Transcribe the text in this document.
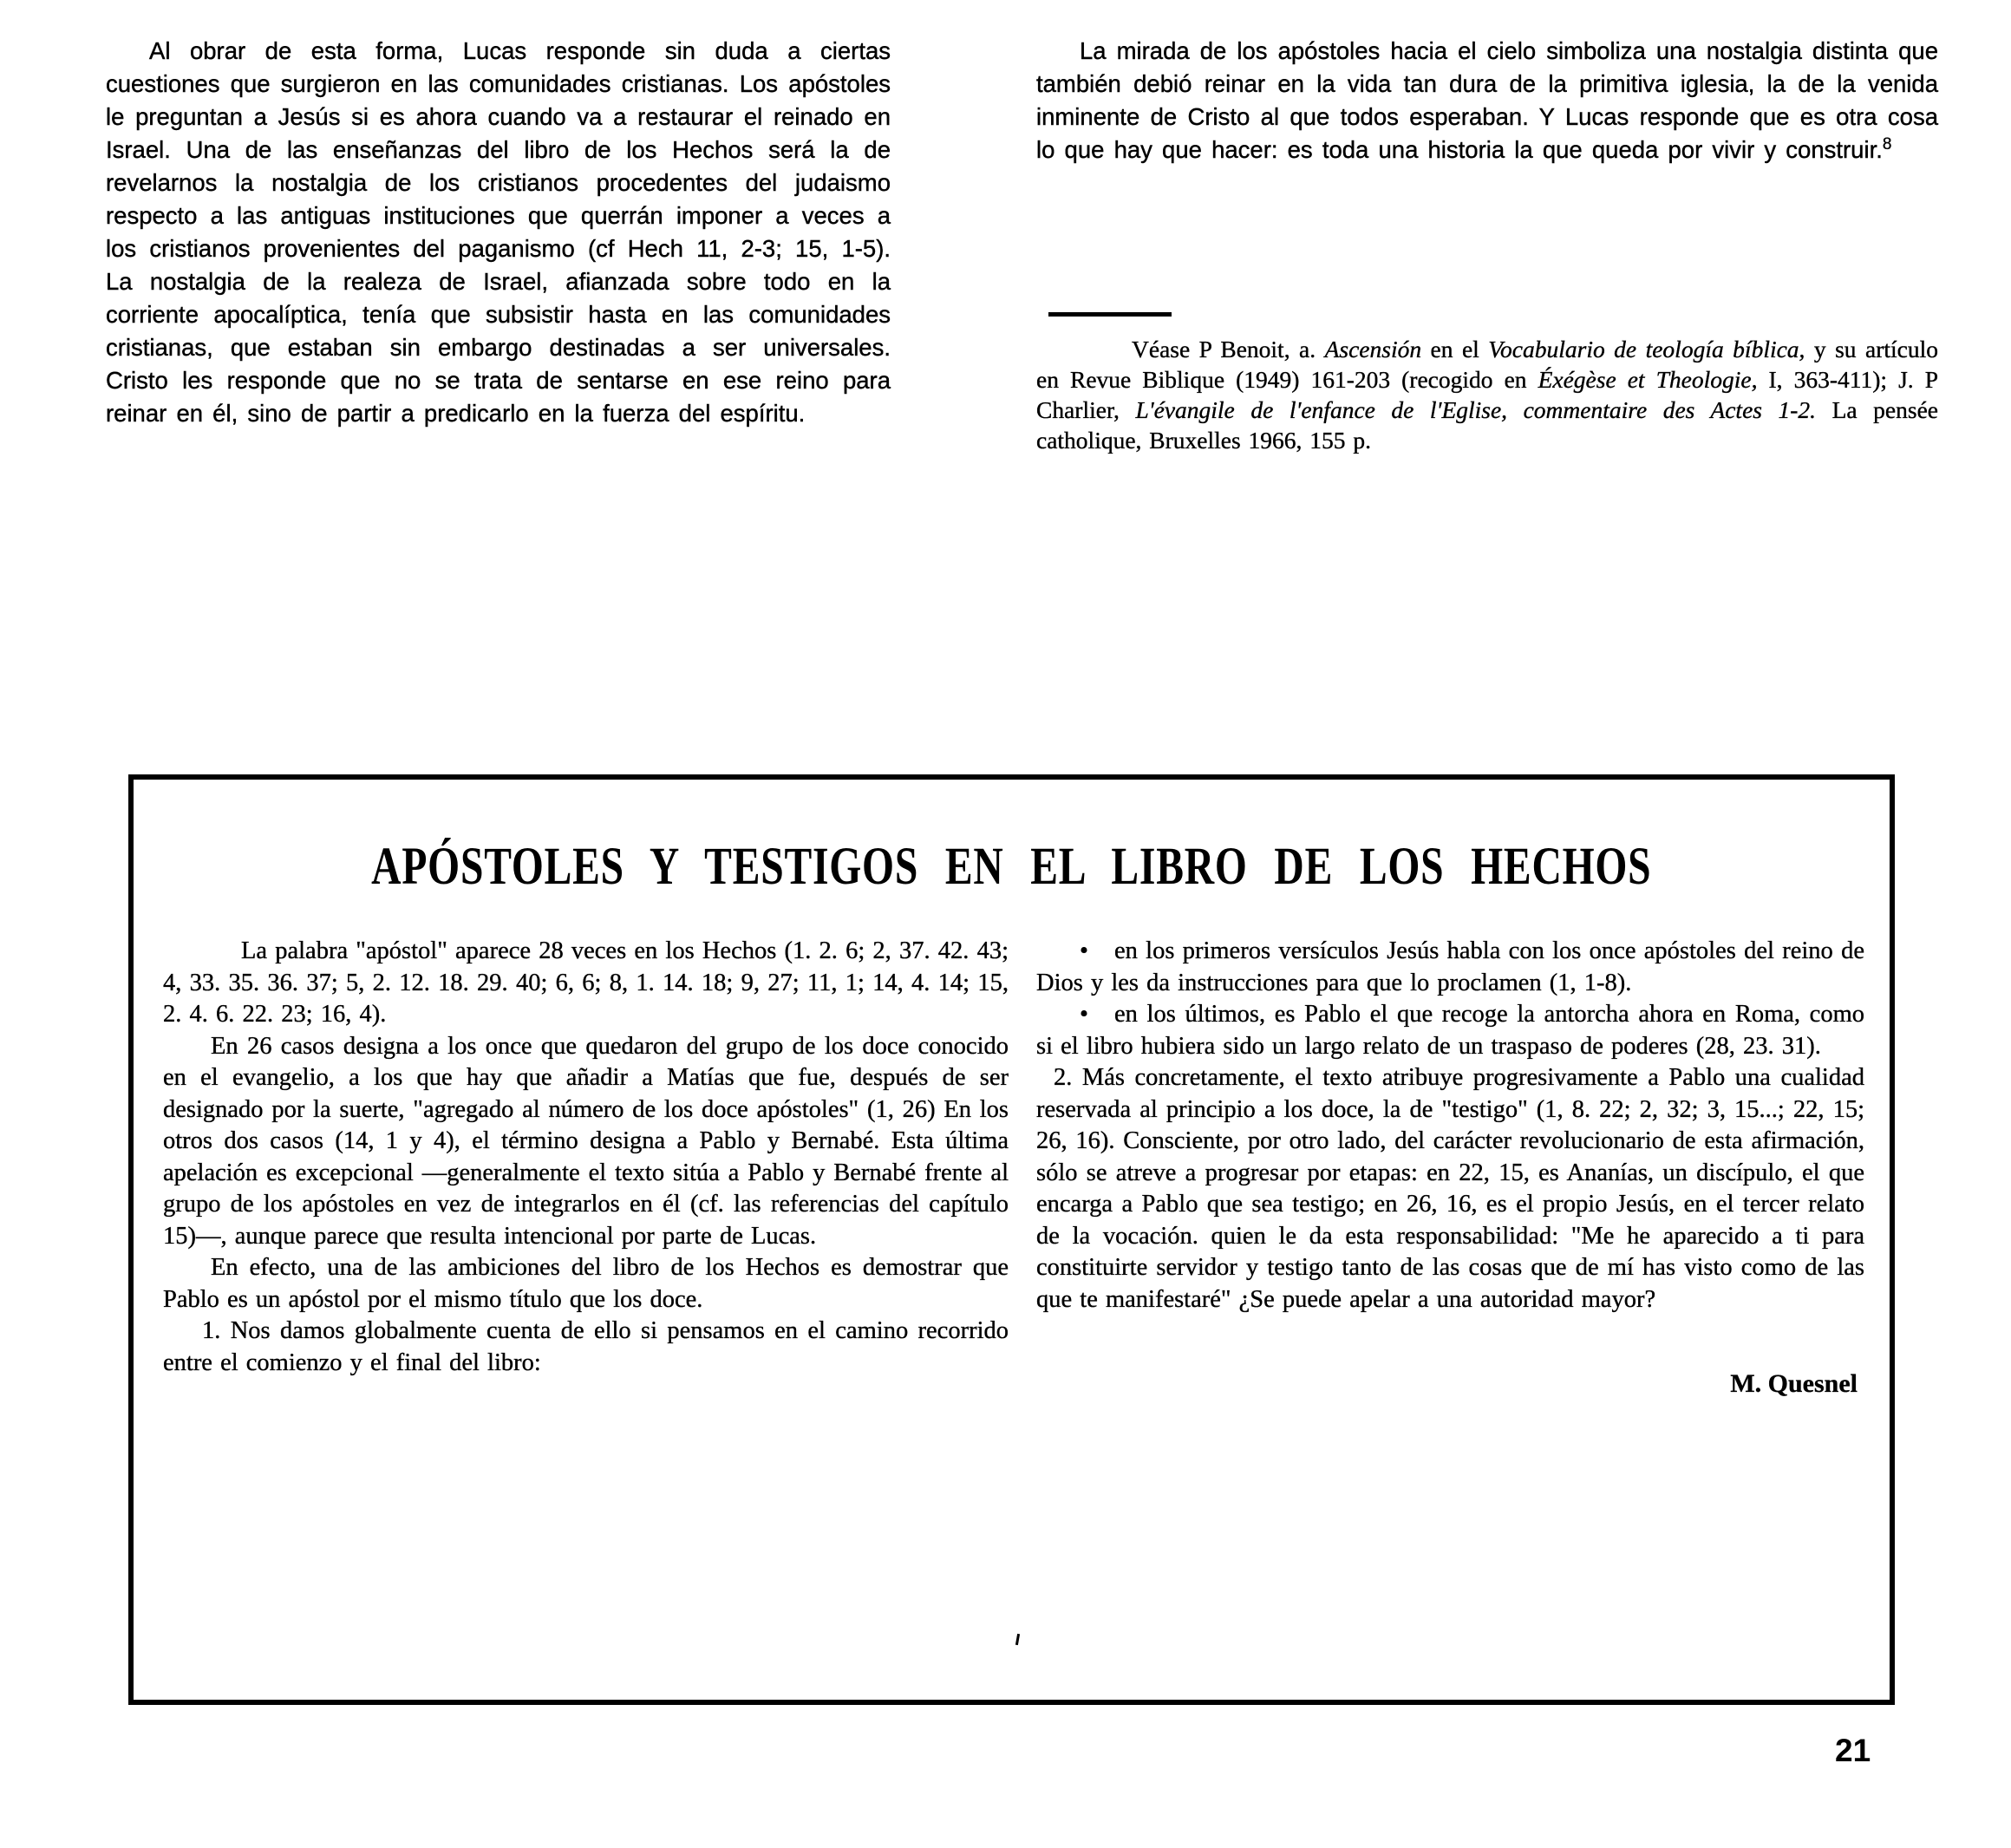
Al obrar de esta forma, Lucas responde sin duda a ciertas cuestiones que surgieron en las comunidades cristianas. Los apóstoles le preguntan a Jesús si es ahora cuando va a restaurar el reinado en Israel. Una de las enseñanzas del libro de los Hechos será la de revelarnos la nostalgia de los cristianos procedentes del judaismo respecto a las antiguas instituciones que querrán imponer a veces a los cristianos provenientes del paganismo (cf Hech 11, 2-3; 15, 1-5). La nostalgia de la realeza de Israel, afianzada sobre todo en la corriente apocalíptica, tenía que subsistir hasta en las comunidades cristianas, que estaban sin embargo destinadas a ser universales. Cristo les responde que no se trata de sentarse en ese reino para reinar en él, sino de partir a predicarlo en la fuerza del espíritu.

La mirada de los apóstoles hacia el cielo simboliza una nostalgia distinta que también debió reinar en la vida tan dura de la primitiva iglesia, la de la venida inminente de Cristo al que todos esperaban. Y Lucas responde que es otra cosa lo que hay que hacer: es toda una historia la que queda por vivir y construir.$^8$

Véase P Benoit, a. Ascensión en el Vocabulario de teología bíblica, y su artículo en Revue Biblique (1949) 161-203 (recogido en Éxégèse et Theologie, I, 363-411); J. P Charlier, L'évangile de l'enfance de l'Eglise, commentaire des Actes 1-2. La pensée catholique, Bruxelles 1966, 155 p.

APÓSTOLES Y TESTIGOS EN EL LIBRO DE LOS HECHOS

La palabra "apóstol" aparece 28 veces en los Hechos (1. 2. 6; 2, 37. 42. 43; 4, 33. 35. 36. 37; 5, 2. 12. 18. 29. 40; 6, 6; 8, 1. 14. 18; 9, 27; 11, 1; 14, 4. 14; 15, 2. 4. 6. 22. 23; 16, 4).

En 26 casos designa a los once que quedaron del grupo de los doce conocido en el evangelio, a los que hay que añadir a Matías que fue, después de ser designado por la suerte, "agregado al número de los doce apóstoles" (1, 26) En los otros dos casos (14, 1 y 4), el término designa a Pablo y Bernabé. Esta última apelación es excepcional —generalmente el texto sitúa a Pablo y Bernabé frente al grupo de los apóstoles en vez de integrarlos en él (cf. las referencias del capítulo 15)—, aunque parece que resulta intencional por parte de Lucas.

En efecto, una de las ambiciones del libro de los Hechos es demostrar que Pablo es un apóstol por el mismo título que los doce.

1. Nos damos globalmente cuenta de ello si pensamos en el camino recorrido entre el comienzo y el final del libro:

• en los primeros versículos Jesús habla con los once apóstoles del reino de Dios y les da instrucciones para que lo proclamen (1, 1-8).

• en los últimos, es Pablo el que recoge la antorcha ahora en Roma, como si el libro hubiera sido un largo relato de un traspaso de poderes (28, 23. 31).

2. Más concretamente, el texto atribuye progresivamente a Pablo una cualidad reservada al principio a los doce, la de "testigo" (1, 8. 22; 2, 32; 3, 15...; 22, 15; 26, 16). Consciente, por otro lado, del carácter revolucionario de esta afirmación, sólo se atreve a progresar por etapas: en 22, 15, es Ananías, un discípulo, el que encarga a Pablo que sea testigo; en 26, 16, es el propio Jesús, en el tercer relato de la vocación. quien le da esta responsabilidad: "Me he aparecido a ti para constituirte servidor y testigo tanto de las cosas que de mí has visto como de las que te manifestaré" ¿Se puede apelar a una autoridad mayor?

M. Quesnel

21
